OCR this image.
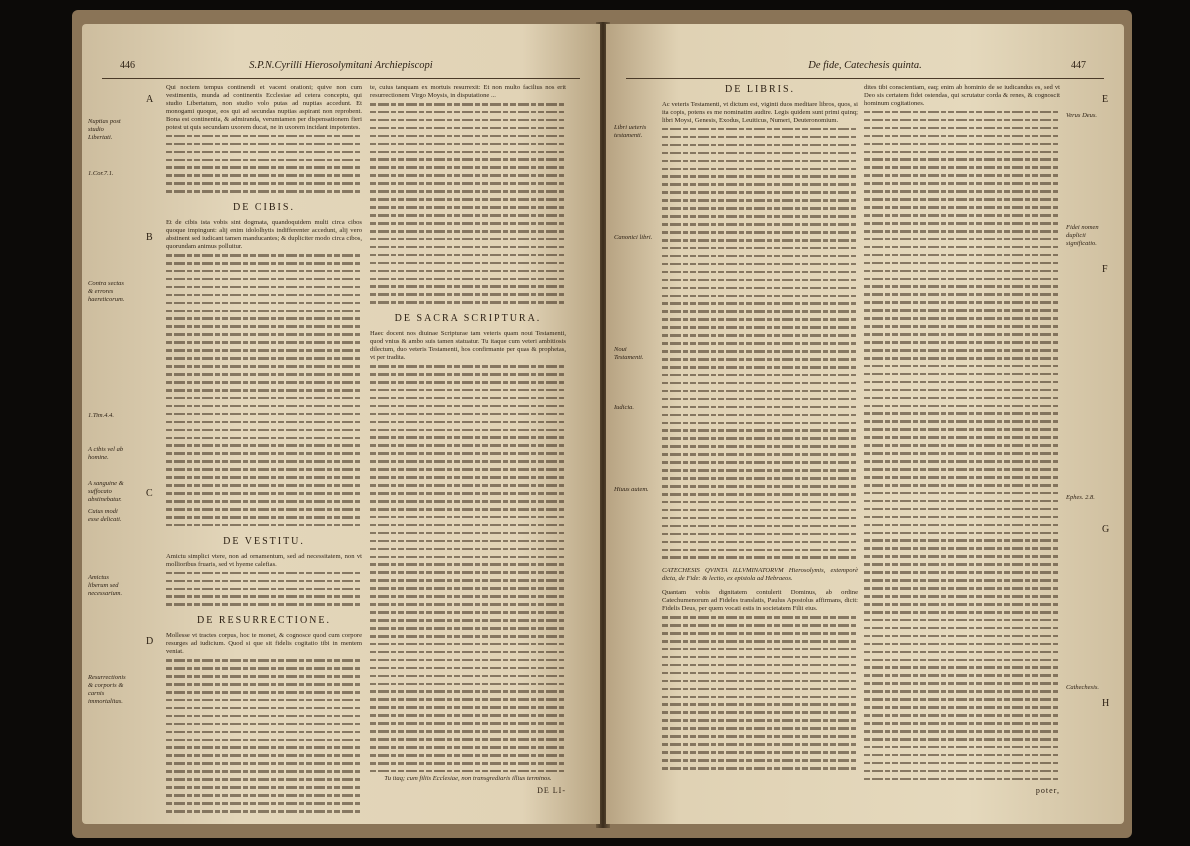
446	S.P.N.Cyrilli Hierosolymitani Archiepiscopi
Nuptias post studio Libertati.
1.Cor.7.1.
Contra sectas & errores haereticorum.
1.Tim.4.4.
A cibis vel ab homine.
A sanguine & suffocato abstinebatur.
Cuius modi esse delicati.
Amictus liberum sed necessarium.
Resurrectionis & corporis & carnis immortalitas.
A
B
C
D

Qui noctem tempus continendi et vacent orationi; quive non cum vestimentis, munda ad continentis Ecclesiae ad cetera conceptu, qui studio Libertatum, non studio volo putas ad nuptias accedunt. Et monogami quoque, eos qui ad secundas nuptias aspirant non reprobent. Bona est continentia, & admiranda, verumtamen per dispensationem fieri potest ut quis secundam uxorem ducat, ne in uxorem incidant impotentes.

DE CIBIS.

Et de cibis ista vobis sint dogmata, quandoquidem multi circa cibos quoque impingunt: alij enim idololhytis indifferenter accedunt, alij vero abstinent sed iudicant tamen manducantes; & dupliciter modo circa cibos, quorundam animus polluitur.

DE VESTITU.

Amictu simplici vtere, non ad ornamentum, sed ad necessitatem, non vt mollioribus fruaris, sed vt hyeme calefias.

DE RESURRECTIONE.

Mollesse vt tractes corpus, hoc te monet, & cognosce quod cum corpore resurges ad iudicium. Quod si que sit fidelis cogitatio tibi in mentem veniat.

te, cuius tanquam ex mortuis resurrexit: Et non multo facilius nos erit resurrectionem Virgo Moysis, in disputatione ...

DE SACRA SCRIPTURA.

Haec docent nos diuinae Scripturae tam veteris quam noui Testamenti, quod vnius & ambo suis tamen statuatur. Tu itaque cum veteri ambitiosis dilectum, duo veteris Testamenti, hos confirmante per quas & prophetas, vt per tradita.

Tu itaq; cum filiis Ecclesiae, non transgrediaris illius terminos.

DE LI-
De fide, Catechesis quinta.	447
Libri ueteris testamenti.
Canonici libri.
Noui Testamenti.
Iudicia.
Hiuus autem.
E
F
G
H
Verus Deus.
Fidei nomen duplicii significatio.
Ephes. 2.8.
Cathechesis.
DE LIBRIS.

Ac veteris Testamenti, vt dictum est, viginti duos meditare libros, quos, si ita copis, potens es me nominatim audire. Legis quidem sunt primi quinq; libri Moysi, Genesis, Exodus, Leuiticus, Numeri, Deuteronomium.

CATECHESIS QVINTA ILLVMINATORVM Hierosolymis, extemporè dicta, de Fide: & lectio, ex epistola ad Hebraeos.

Quantam vobis dignitatem contulerit Dominus, ab ordine Catechumenorum ad Fideles translatis, Paulus Apostolus affirmans, dicit: Fidelis Deus, per quem vocati estis in societatem Filii eius.

dites tibi conscientiam, eaq; enim ab hominio de se iudicandus es, sed vt Deo sis certatem fidei ostendas, qui scrutatur corda & renes, & cognoscit hominum cogitationes.

poter,
